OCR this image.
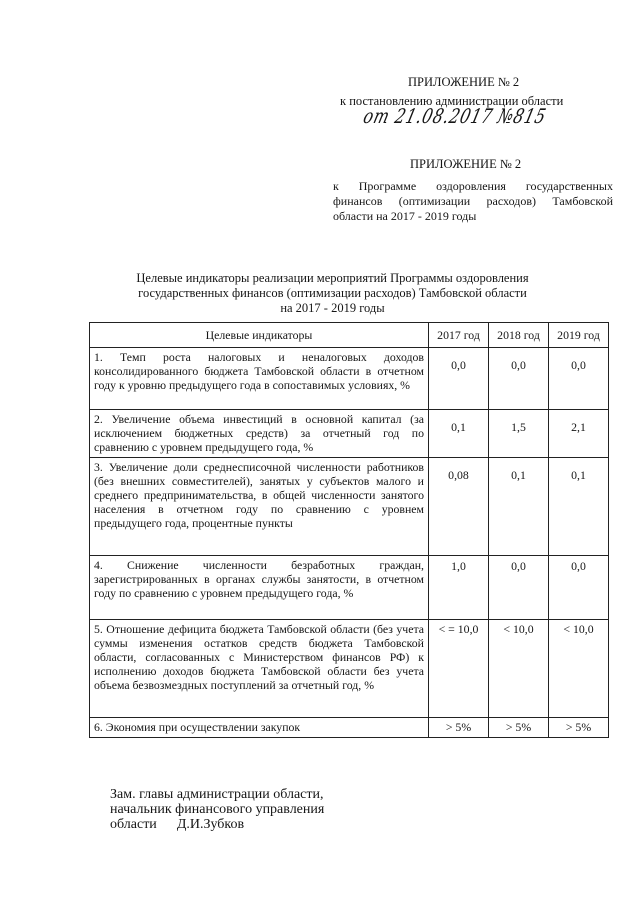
ПРИЛОЖЕНИЕ № 2
к постановлению администрации области
от 21.08.2017 №815
ПРИЛОЖЕНИЕ № 2
к Программе оздоровления государственных финансов (оптимизации расходов) Тамбовской области на 2017 - 2019 годы
Целевые индикаторы реализации мероприятий Программы оздоровления
государственных финансов (оптимизации расходов) Тамбовской области
на 2017 - 2019 годы
Целевые индикаторы	2017 год	2018 год	2019 год
1. Темп роста налоговых и неналоговых доходов консолидированного бюджета Тамбовской области в отчетном году к уровню предыдущего года в сопоставимых условиях, %	0,0	0,0	0,0
2. Увеличение объема инвестиций в основной капитал (за исключением бюджетных средств) за отчетный год по сравнению с уровнем предыдущего года, %	0,1	1,5	2,1
3. Увеличение доли среднесписочной численности работников (без внешних совместителей), занятых у субъектов малого и среднего предпринимательства, в общей численности занятого населения в отчетном году по сравнению с уровнем предыдущего года, процентные пункты	0,08	0,1	0,1
4. Снижение численности безработных граждан, зарегистрированных в органах службы занятости, в отчетном году по сравнению с уровнем предыдущего года, %	1,0	0,0	0,0
5. Отношение дефицита бюджета Тамбовской области (без учета суммы изменения остатков средств бюджета Тамбовской области, согласованных с Министерством финансов РФ) к исполнению доходов бюджета Тамбовской области без учета объема безвозмездных поступлений за отчетный год, %	< = 10,0	< 10,0	< 10,0
6. Экономия при осуществлении закупок	> 5%	> 5%	> 5%
Зам. главы администрации области,
начальник финансового управления
области Д.И.Зубков
